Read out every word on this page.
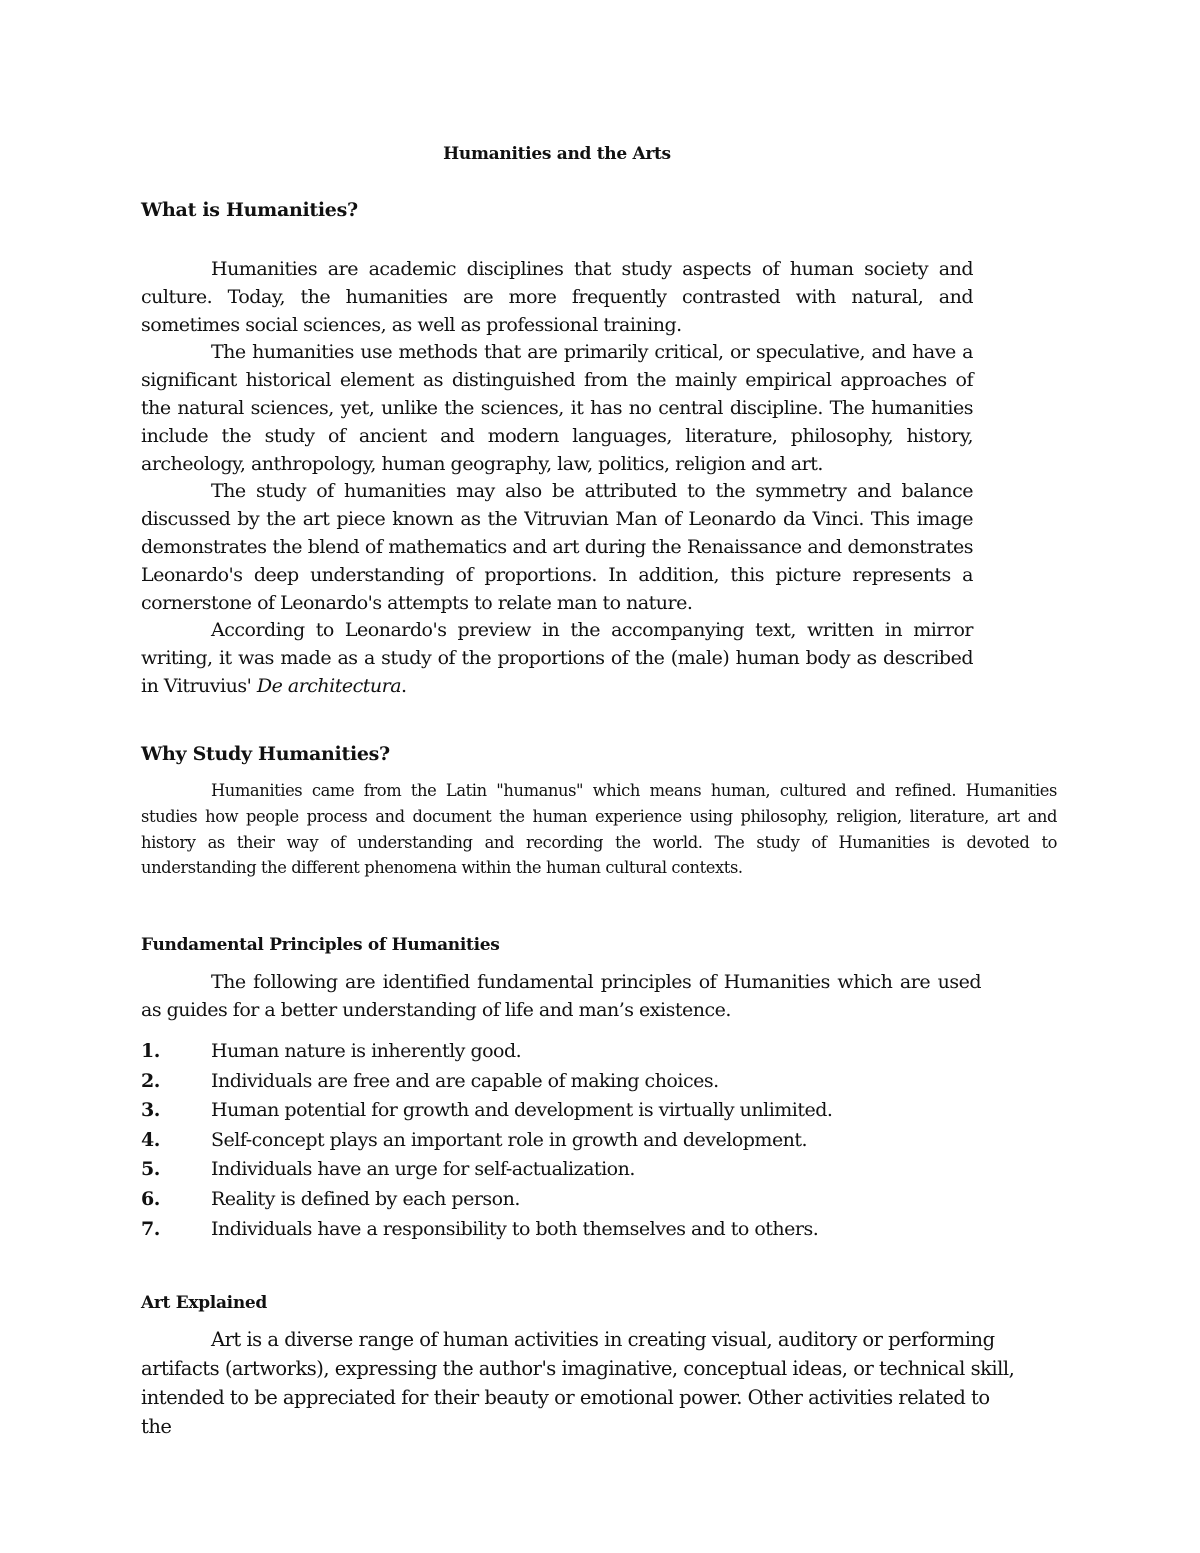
Humanities and the Arts
What is Humanities?

Humanities are academic disciplines that study aspects of human society and culture. Today, the humanities are more frequently contrasted with natural, and sometimes social sciences, as well as professional training.

The humanities use methods that are primarily critical, or speculative, and have a significant historical element as distinguished from the mainly empirical approaches of the natural sciences, yet, unlike the sciences, it has no central discipline. The humanities include the study of ancient and modern languages, literature, philosophy, history, archeology, anthropology, human geography, law, politics, religion and art.

The study of humanities may also be attributed to the symmetry and balance discussed by the art piece known as the Vitruvian Man of Leonardo da Vinci. This image demonstrates the blend of mathematics and art during the Renaissance and demonstrates Leonardo's deep understanding of proportions. In addition, this picture represents a cornerstone of Leonardo's attempts to relate man to nature.

According to Leonardo's preview in the accompanying text, written in mirror writing, it was made as a study of the proportions of the (male) human body as described in Vitruvius' De architectura.

Why Study Humanities?

Humanities came from the Latin "humanus" which means human, cultured and refined. Humanities studies how people process and document the human experience using philosophy, religion, literature, art and history as their way of understanding and recording the world. The study of Humanities is devoted to understanding the different phenomena within the human cultural contexts.

Fundamental Principles of Humanities

The following are identified fundamental principles of Humanities which are used as guides for a better understanding of life and man’s existence.

1.	Human nature is inherently good.
2.	Individuals are free and are capable of making choices.
3.	Human potential for growth and development is virtually unlimited.
4.	Self-concept plays an important role in growth and development.
5.	Individuals have an urge for self-actualization.
6.	Reality is defined by each person.
7.	Individuals have a responsibility to both themselves and to others.
Art Explained

Art is a diverse range of human activities in creating visual, auditory or performing artifacts (artworks), expressing the author's imaginative, conceptual ideas, or technical skill, intended to be appreciated for their beauty or emotional power. Other activities related to the
